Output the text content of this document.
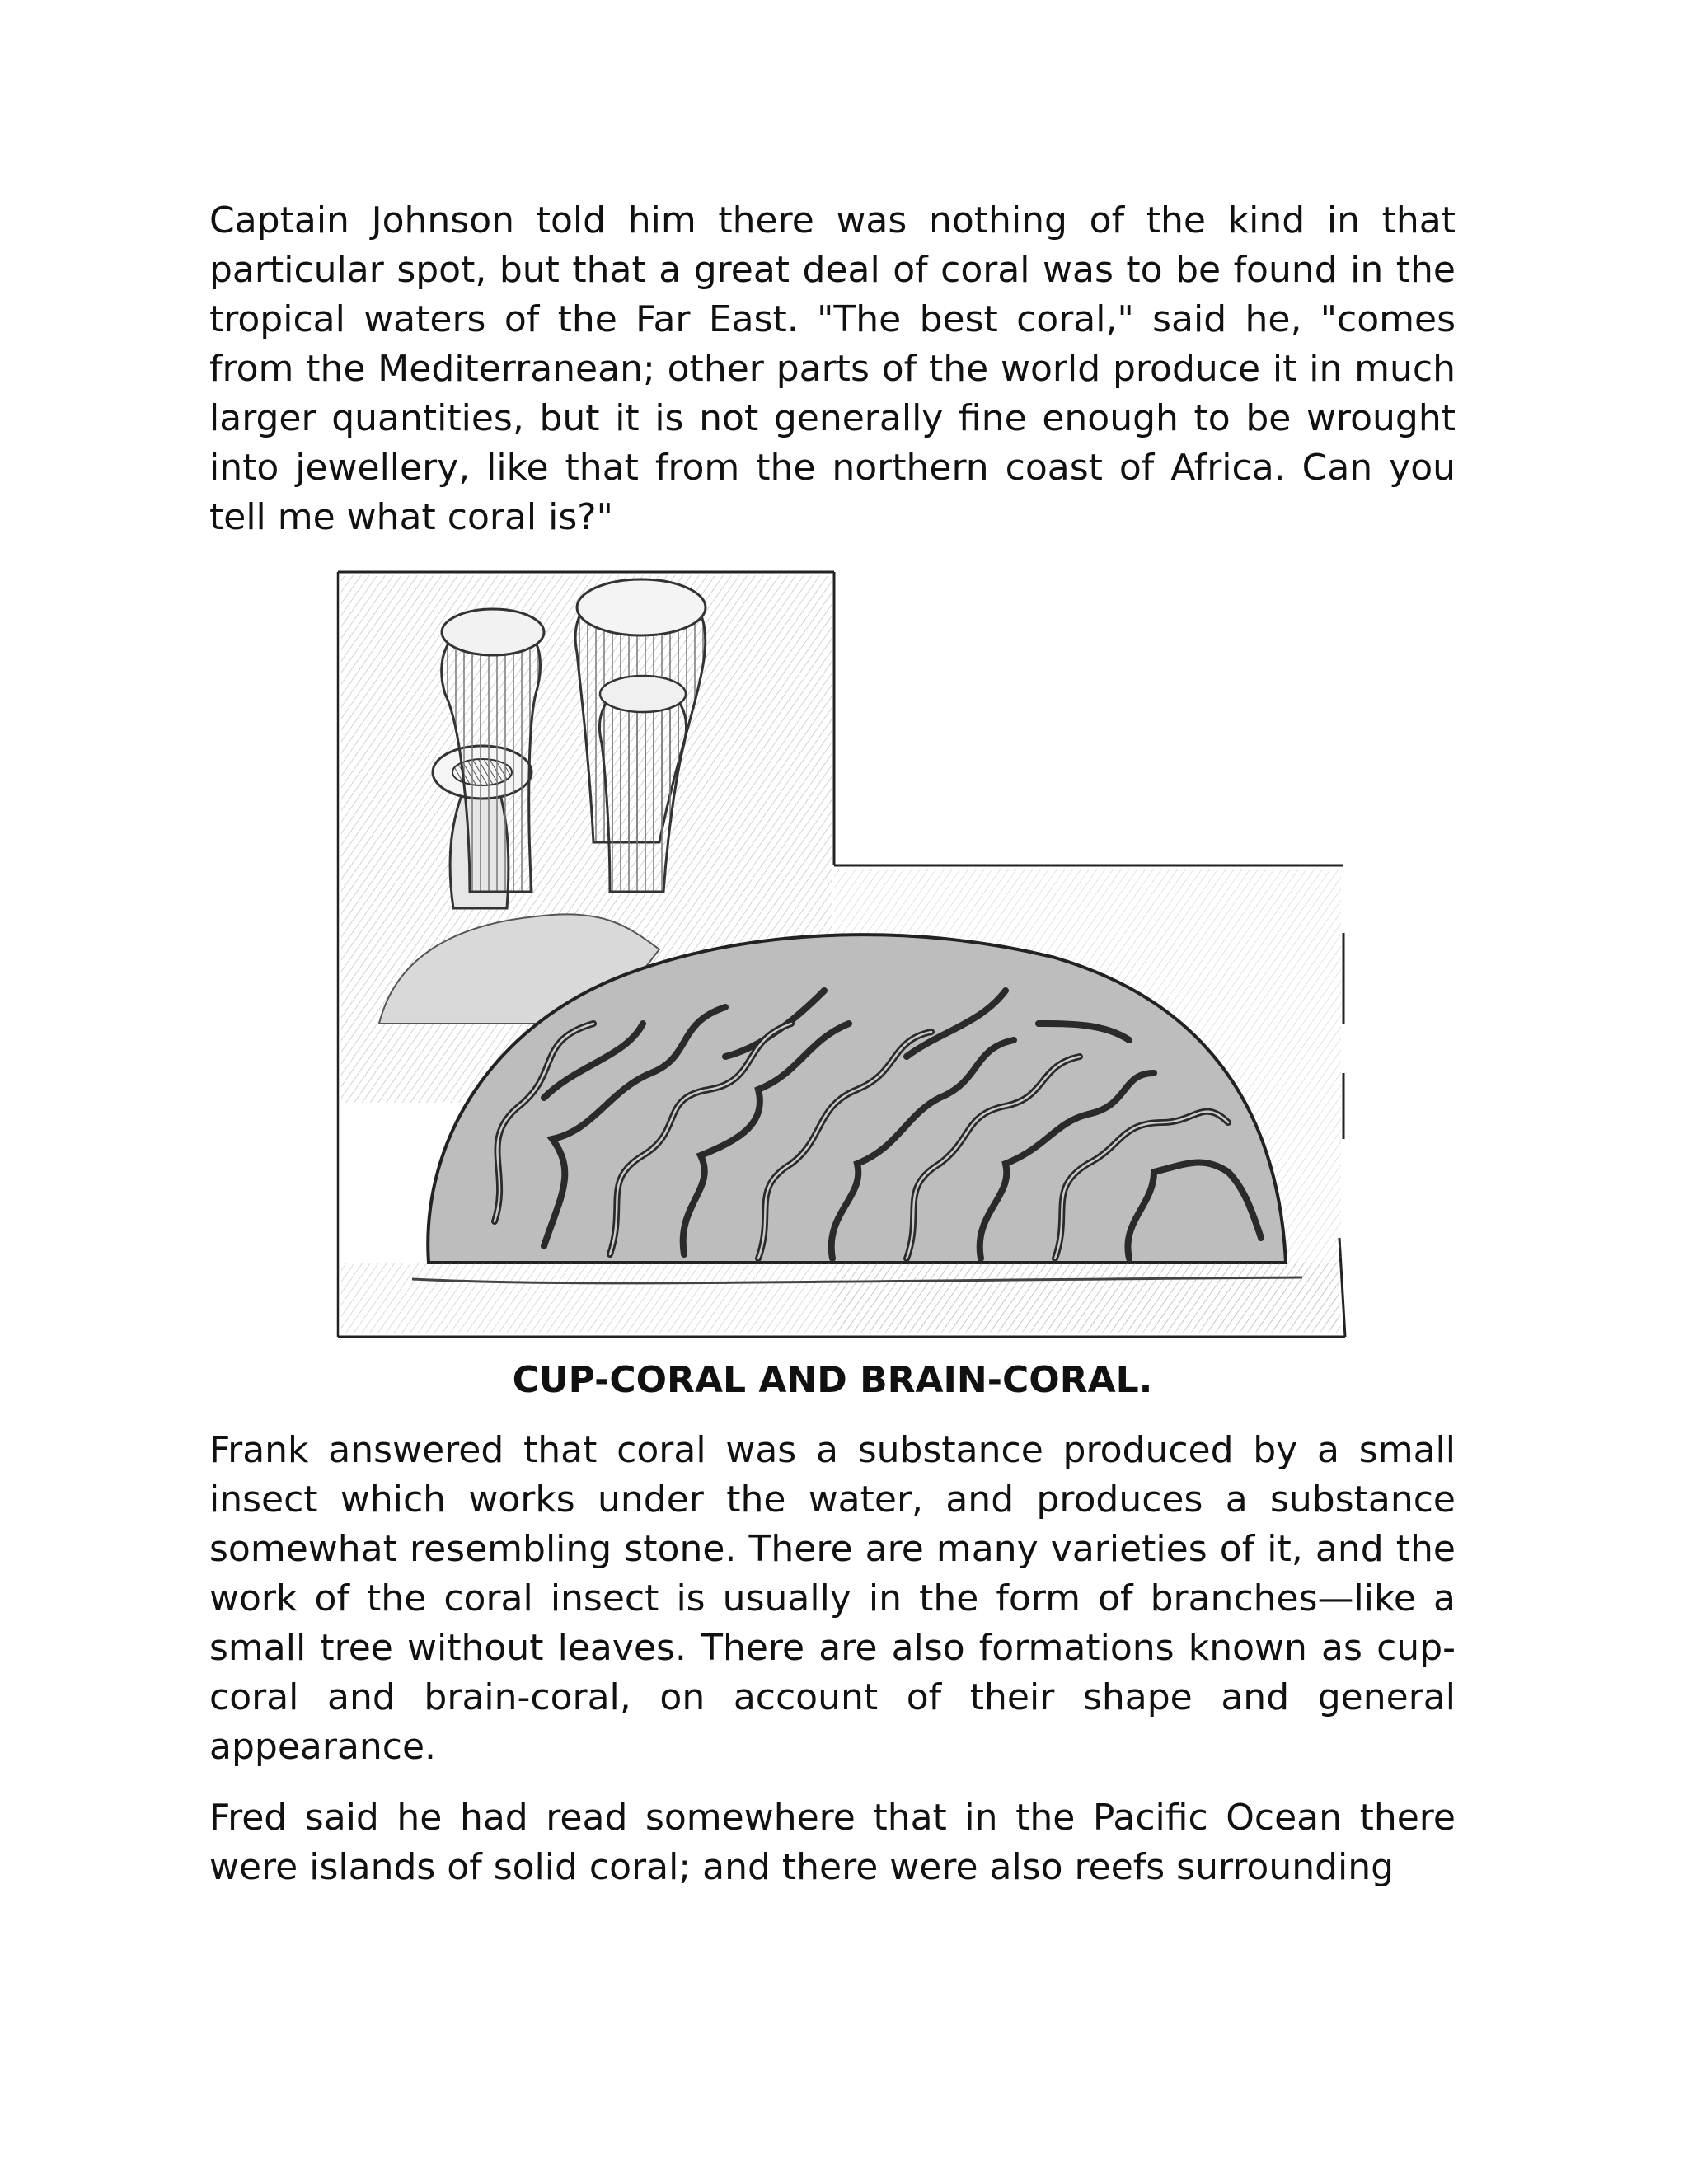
Captain Johnson told him there was nothing of the kind in that particular spot, but that a great deal of coral was to be found in the tropical waters of the Far East. "The best coral," said he, "comes from the Mediterranean; other parts of the world produce it in much larger quantities, but it is not generally fine enough to be wrought into jewellery, like that from the northern coast of Africa. Can you tell me what coral is?"

CUP-CORAL AND BRAIN-CORAL.

Frank answered that coral was a substance produced by a small insect which works under the water, and produces a substance somewhat resembling stone. There are many varieties of it, and the work of the coral insect is usually in the form of branches—like a small tree without leaves. There are also formations known as cup-coral and brain-coral, on account of their shape and general appearance.

Fred said he had read somewhere that in the Pacific Ocean there were islands of solid coral; and there were also reefs surrounding
